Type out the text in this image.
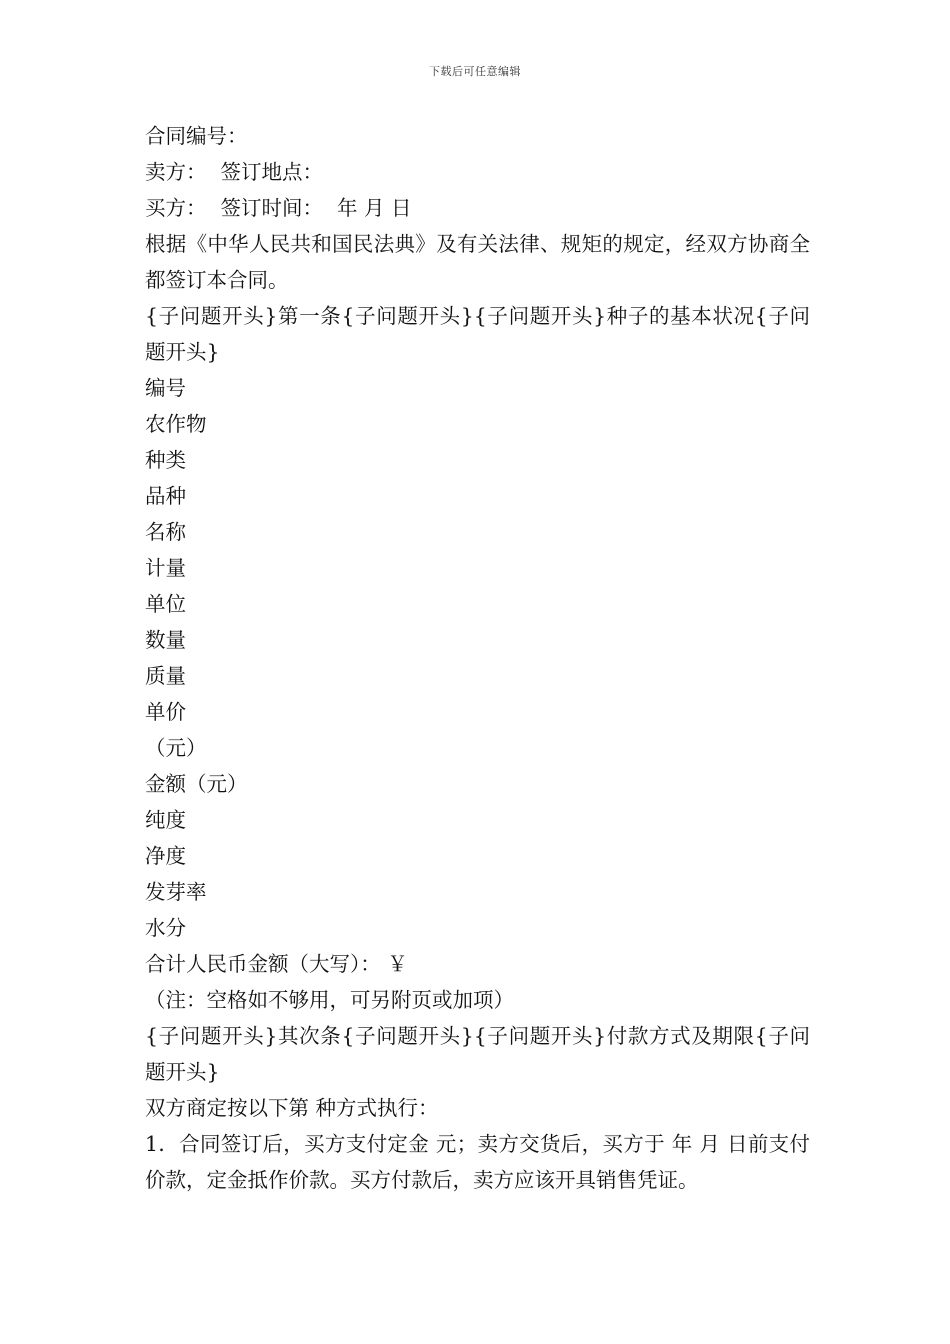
下载后可任意编辑
合同编号：
卖方： 签订地点：
买方： 签订时间： 年 月 日
根据《中华人民共和国民法典》及有关法律、规矩的规定，经双方协商全都签订本合同。
{子问题开头}第一条{子问题开头}{子问题开头}种子的基本状况{子问题开头}
编号
农作物
种类
品种
名称
计量
单位
数量
质量
单价
（元）
金额（元）
纯度
净度
发芽率
水分
合计人民币金额（大写）： ￥
（注：空格如不够用，可另附页或加项）
{子问题开头}其次条{子问题开头}{子问题开头}付款方式及期限{子问题开头}
双方商定按以下第 种方式执行：
1．合同签订后，买方支付定金 元；卖方交货后，买方于 年 月 日前支付价款，定金抵作价款。买方付款后，卖方应该开具销售凭证。
